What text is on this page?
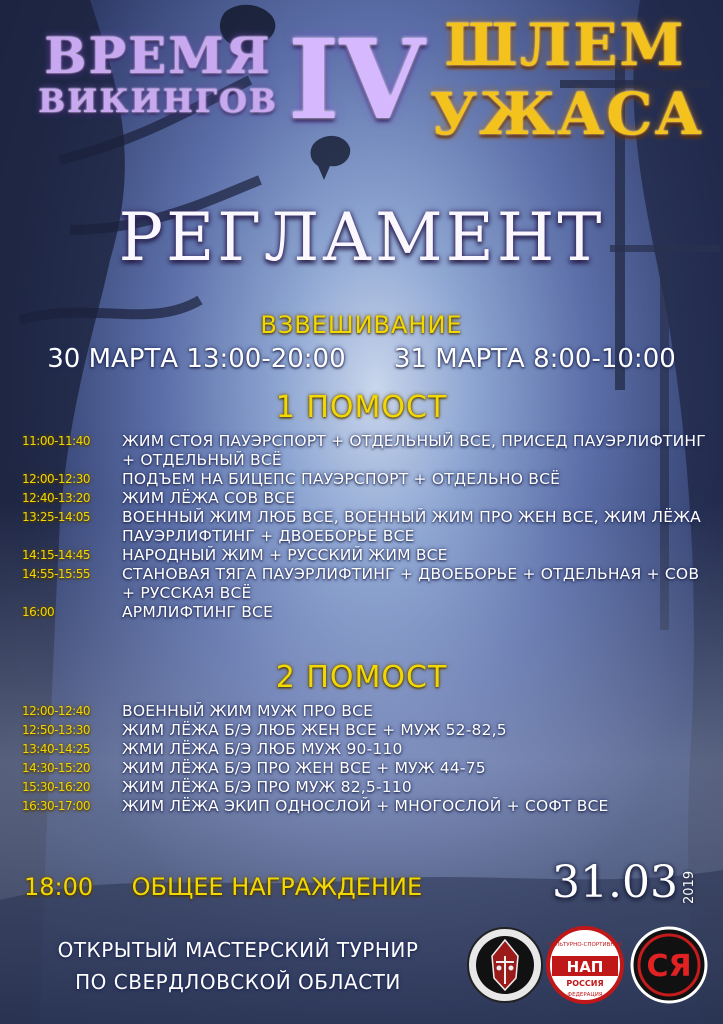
ВРЕМЯ
ВИКИНГОВ IV ШЛЕМ
УЖАСА
РЕГЛАМЕНТ
ВЗВЕШИВАНИЕ
30 МАРТА 13:00-20:00 31 МАРТА 8:00-10:00
1 ПОМОСТ
11:00-11:40	ЖИМ СТОЯ ПАУЭРСПОРТ + ОТДЕЛЬНЫЙ ВСЕ, ПРИСЕД ПАУЭРЛИФТИНГ + ОТДЕЛЬНЫЙ ВСЁ
12:00-12:30	ПОДЪЕМ НА БИЦЕПС ПАУЭРСПОРТ + ОТДЕЛЬНО ВСЁ
12:40-13:20	ЖИМ ЛЁЖА СОВ ВСЕ
13:25-14:05	ВОЕННЫЙ ЖИМ ЛЮБ ВСЕ, ВОЕННЫЙ ЖИМ ПРО ЖЕН ВСЕ, ЖИМ ЛЁЖА ПАУЭРЛИФТИНГ + ДВОЕБОРЬЕ ВСЕ
14:15-14:45	НАРОДНЫЙ ЖИМ + РУССКИЙ ЖИМ ВСЕ
14:55-15:55	СТАНОВАЯ ТЯГА ПАУЭРЛИФТИНГ + ДВОЕБОРЬЕ + ОТДЕЛЬНАЯ + СОВ + РУССКАЯ ВСЁ
16:00	АРМЛИФТИНГ ВСЕ
2 ПОМОСТ
12:00-12:40	ВОЕННЫЙ ЖИМ МУЖ ПРО ВСЕ
12:50-13:30	ЖИМ ЛЁЖА Б/Э ЛЮБ ЖЕН ВСЕ + МУЖ 52-82,5
13:40-14:25	ЖМИ ЛЁЖА Б/Э ЛЮБ МУЖ 90-110
14:30-15:20	ЖИМ ЛЁЖА Б/Э ПРО ЖЕН ВСЕ + МУЖ 44-75
15:30-16:20	ЖИМ ЛЁЖА Б/Э ПРО МУЖ 82,5-110
16:30-17:00	ЖИМ ЛЁЖА ЭКИП ОДНОСЛОЙ + МНОГОСЛОЙ + СОФТ ВСЕ
18:00 ОБЩЕЕ НАГРАЖДЕНИЕ	31.03 2019
ОТКРЫТЫЙ МАСТЕРСКИЙ ТУРНИР
ПО СВЕРДЛОВСКОЙ ОБЛАСТИ
КУЛЬТУРНО-СПОРТИВНАЯ
НАП
РОССИЯ
ФЕДЕРАЦИЯ
СЯ
